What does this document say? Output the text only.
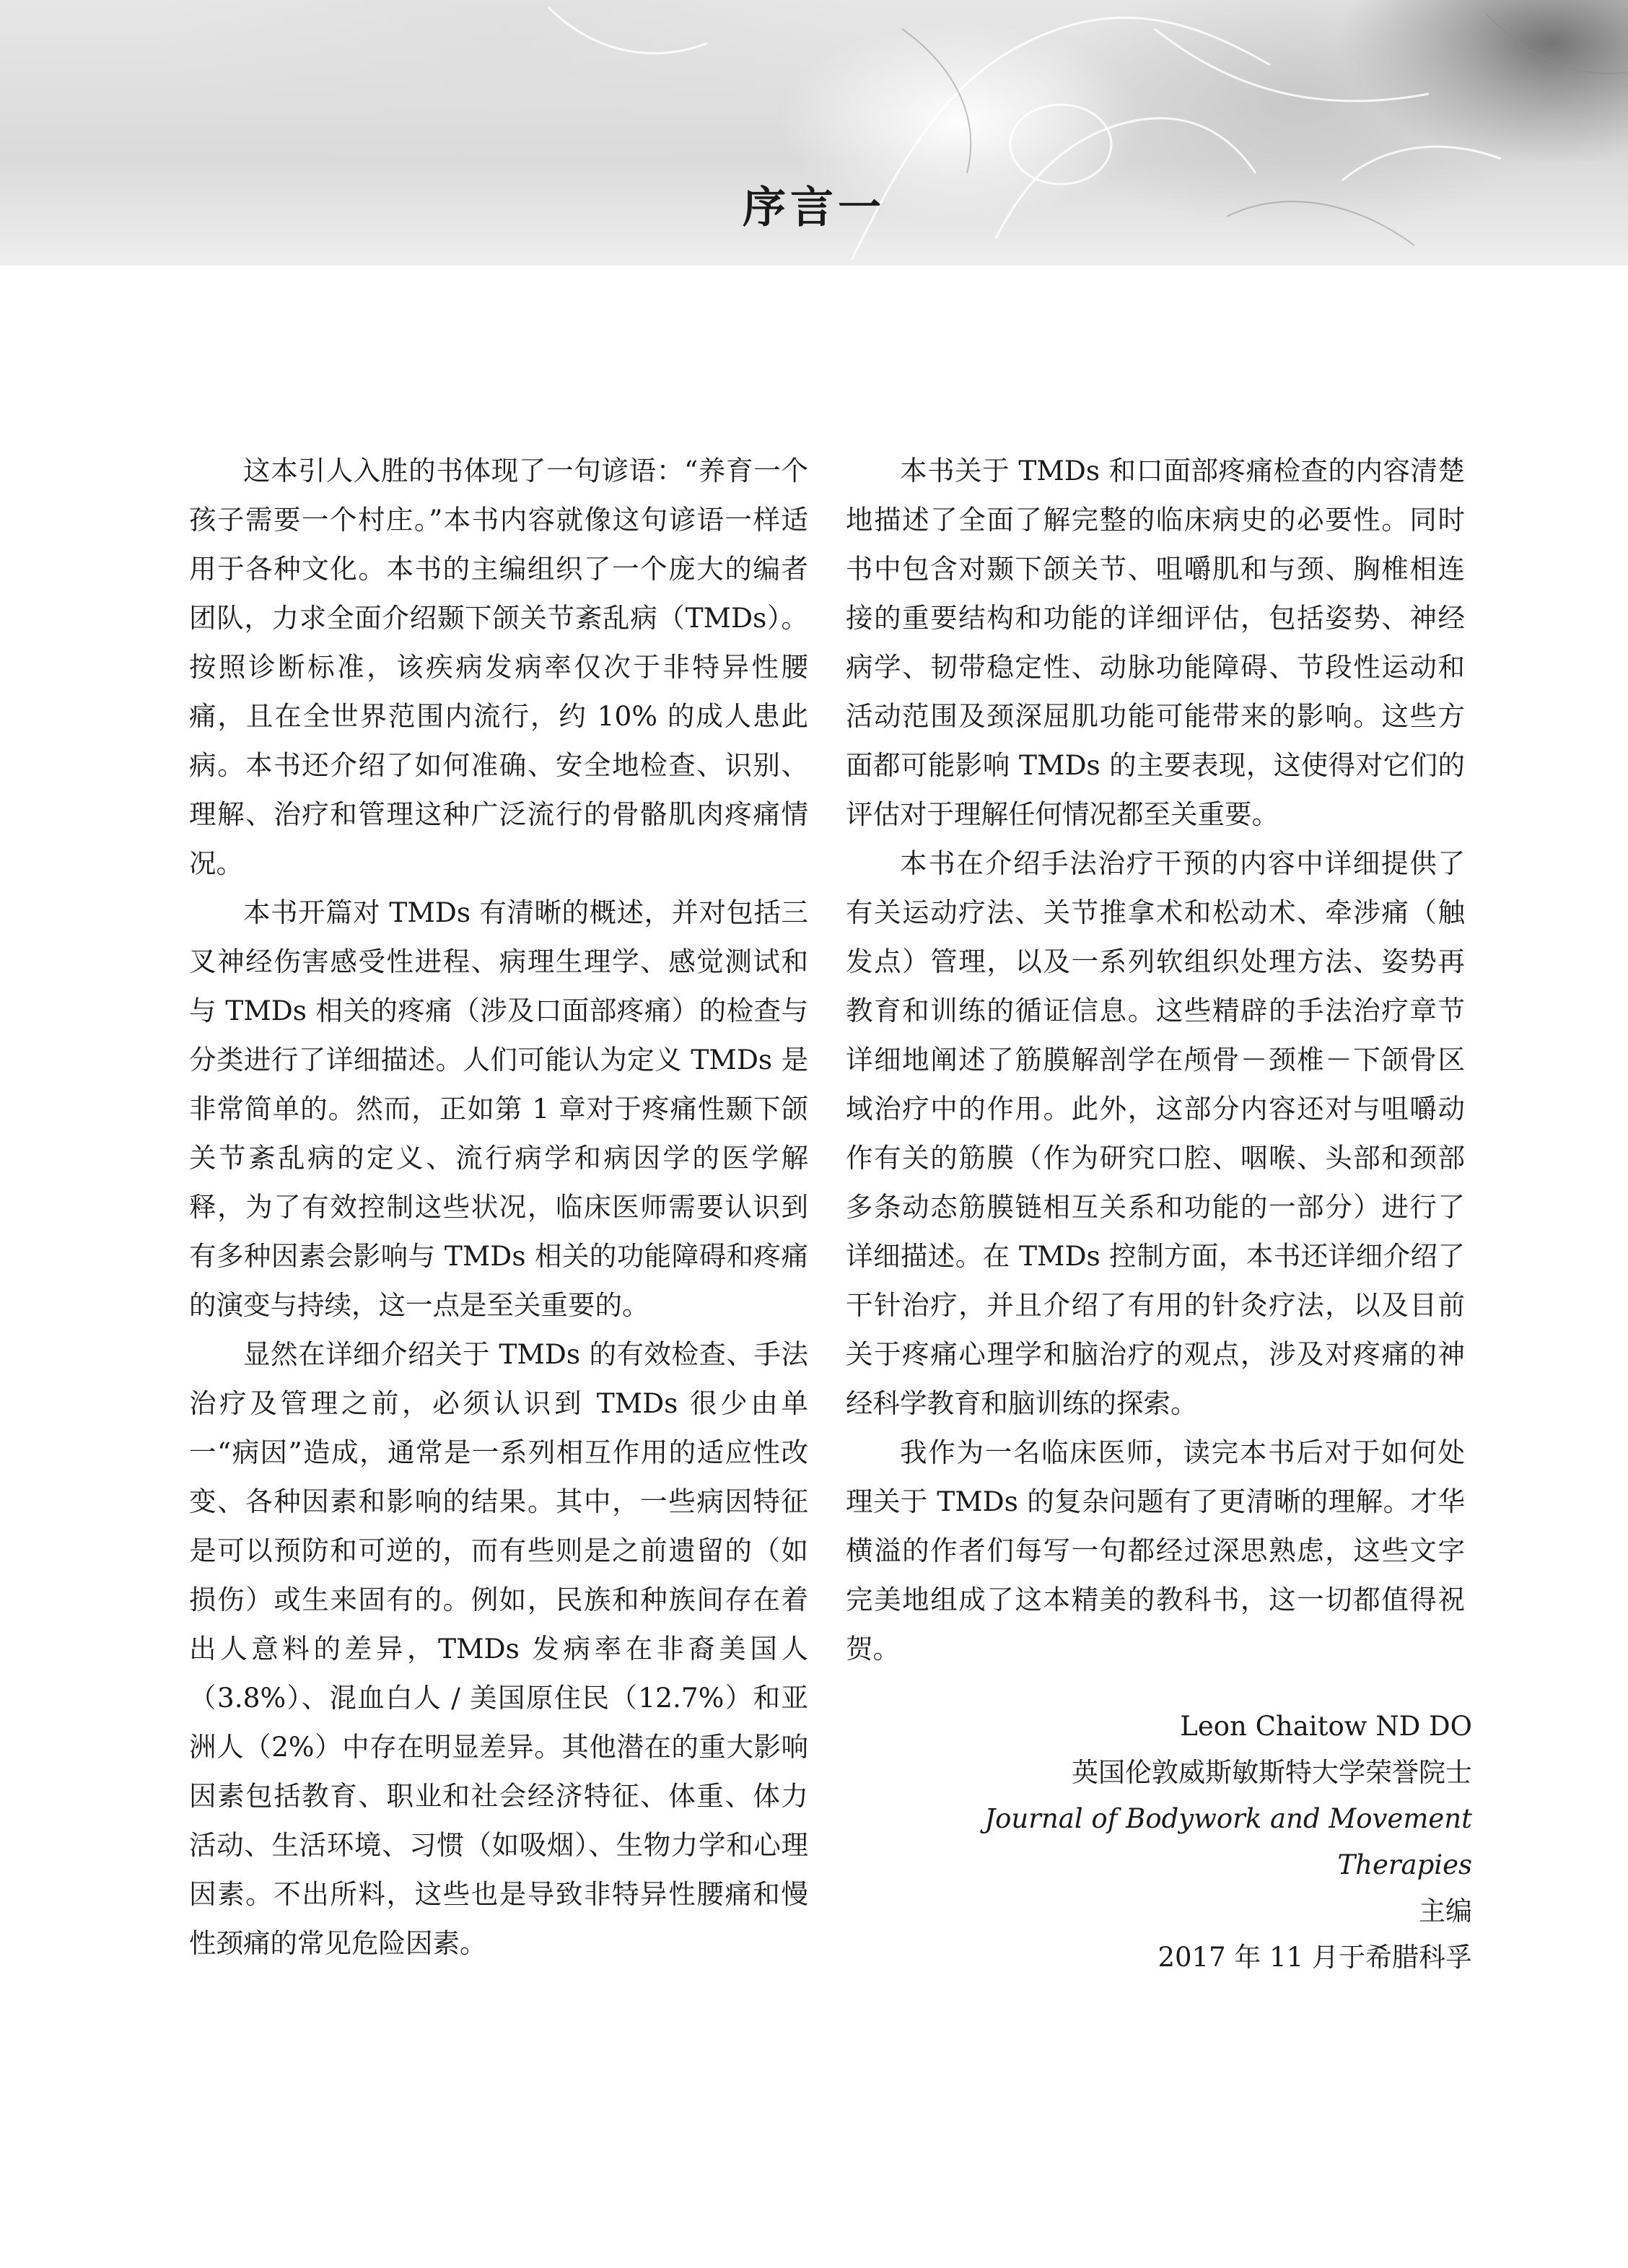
序言一

这本引人入胜的书体现了一句谚语：“养育一个孩子需要一个村庄。”本书内容就像这句谚语一样适用于各种文化。本书的主编组织了一个庞大的编者团队，力求全面介绍颞下颌关节紊乱病（TMDs）。按照诊断标准，该疾病发病率仅次于非特异性腰痛，且在全世界范围内流行，约 10% 的成人患此病。本书还介绍了如何准确、安全地检查、识别、理解、治疗和管理这种广泛流行的骨骼肌肉疼痛情况。

本书开篇对 TMDs 有清晰的概述，并对包括三叉神经伤害感受性进程、病理生理学、感觉测试和与 TMDs 相关的疼痛（涉及口面部疼痛）的检查与分类进行了详细描述。人们可能认为定义 TMDs 是非常简单的。然而，正如第 1 章对于疼痛性颞下颌关节紊乱病的定义、流行病学和病因学的医学解释，为了有效控制这些状况，临床医师需要认识到有多种因素会影响与 TMDs 相关的功能障碍和疼痛的演变与持续，这一点是至关重要的。

显然在详细介绍关于 TMDs 的有效检查、手法治疗及管理之前，必须认识到 TMDs 很少由单一“病因”造成，通常是一系列相互作用的适应性改变、各种因素和影响的结果。其中，一些病因特征是可以预防和可逆的，而有些则是之前遗留的（如损伤）或生来固有的。例如，民族和种族间存在着出人意料的差异，TMDs 发病率在非裔美国人（3.8%）、混血白人 / 美国原住民（12.7%）和亚洲人（2%）中存在明显差异。其他潜在的重大影响因素包括教育、职业和社会经济特征、体重、体力活动、生活环境、习惯（如吸烟）、生物力学和心理因素。不出所料，这些也是导致非特异性腰痛和慢性颈痛的常见危险因素。

本书关于 TMDs 和口面部疼痛检查的内容清楚地描述了全面了解完整的临床病史的必要性。同时书中包含对颞下颌关节、咀嚼肌和与颈、胸椎相连接的重要结构和功能的详细评估，包括姿势、神经病学、韧带稳定性、动脉功能障碍、节段性运动和活动范围及颈深屈肌功能可能带来的影响。这些方面都可能影响 TMDs 的主要表现，这使得对它们的评估对于理解任何情况都至关重要。

本书在介绍手法治疗干预的内容中详细提供了有关运动疗法、关节推拿术和松动术、牵涉痛（触发点）管理，以及一系列软组织处理方法、姿势再教育和训练的循证信息。这些精辟的手法治疗章节详细地阐述了筋膜解剖学在颅骨－颈椎－下颌骨区域治疗中的作用。此外，这部分内容还对与咀嚼动作有关的筋膜（作为研究口腔、咽喉、头部和颈部多条动态筋膜链相互关系和功能的一部分）进行了详细描述。在 TMDs 控制方面，本书还详细介绍了干针治疗，并且介绍了有用的针灸疗法，以及目前关于疼痛心理学和脑治疗的观点，涉及对疼痛的神经科学教育和脑训练的探索。

我作为一名临床医师，读完本书后对于如何处理关于 TMDs 的复杂问题有了更清晰的理解。才华横溢的作者们每写一句都经过深思熟虑，这些文字完美地组成了这本精美的教科书，这一切都值得祝贺。

Leon Chaitow ND DO
英国伦敦威斯敏斯特大学荣誉院士
Journal of Bodywork and Movement Therapies
主编
2017 年 11 月于希腊科孚
